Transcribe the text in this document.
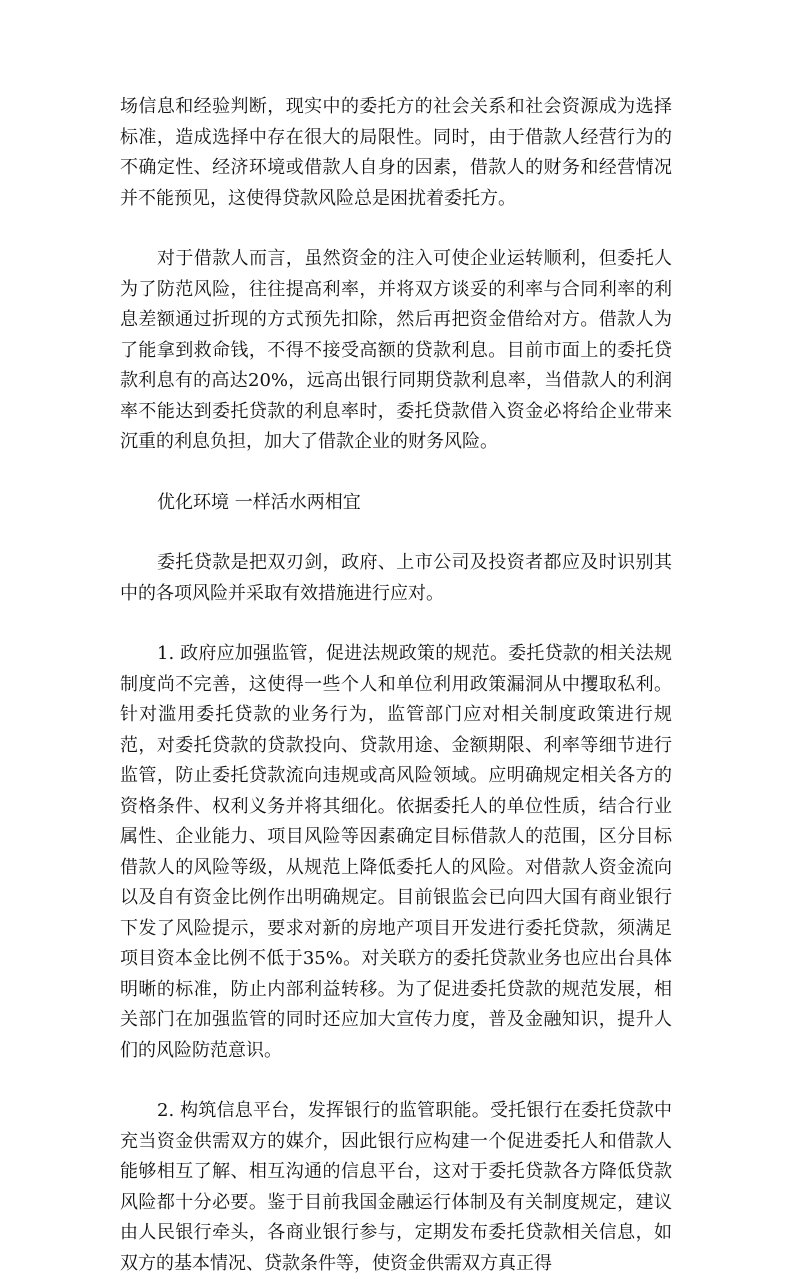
场信息和经验判断，现实中的委托方的社会关系和社会资源成为选择标准，造成选择中存在很大的局限性。同时，由于借款人经营行为的不确定性、经济环境或借款人自身的因素，借款人的财务和经营情况并不能预见，这使得贷款风险总是困扰着委托方。

对于借款人而言，虽然资金的注入可使企业运转顺利，但委托人为了防范风险，往往提高利率，并将双方谈妥的利率与合同利率的利息差额通过折现的方式预先扣除，然后再把资金借给对方。借款人为了能拿到救命钱，不得不接受高额的贷款利息。目前市面上的委托贷款利息有的高达20%，远高出银行同期贷款利息率，当借款人的利润率不能达到委托贷款的利息率时，委托贷款借入资金必将给企业带来沉重的利息负担，加大了借款企业的财务风险。

优化环境 一样活水两相宜

委托贷款是把双刃剑，政府、上市公司及投资者都应及时识别其中的各项风险并采取有效措施进行应对。

1. 政府应加强监管，促进法规政策的规范。委托贷款的相关法规制度尚不完善，这使得一些个人和单位利用政策漏洞从中攫取私利。针对滥用委托贷款的业务行为，监管部门应对相关制度政策进行规范，对委托贷款的贷款投向、贷款用途、金额期限、利率等细节进行监管，防止委托贷款流向违规或高风险领域。应明确规定相关各方的资格条件、权利义务并将其细化。依据委托人的单位性质，结合行业属性、企业能力、项目风险等因素确定目标借款人的范围，区分目标借款人的风险等级，从规范上降低委托人的风险。对借款人资金流向以及自有资金比例作出明确规定。目前银监会已向四大国有商业银行下发了风险提示，要求对新的房地产项目开发进行委托贷款，须满足项目资本金比例不低于35%。对关联方的委托贷款业务也应出台具体明晰的标准，防止内部利益转移。为了促进委托贷款的规范发展，相关部门在加强监管的同时还应加大宣传力度，普及金融知识，提升人们的风险防范意识。

2. 构筑信息平台，发挥银行的监管职能。受托银行在委托贷款中充当资金供需双方的媒介，因此银行应构建一个促进委托人和借款人能够相互了解、相互沟通的信息平台，这对于委托贷款各方降低贷款风险都十分必要。鉴于目前我国金融运行体制及有关制度规定，建议由人民银行牵头，各商业银行参与，定期发布委托贷款相关信息，如双方的基本情况、贷款条件等，使资金供需双方真正得
